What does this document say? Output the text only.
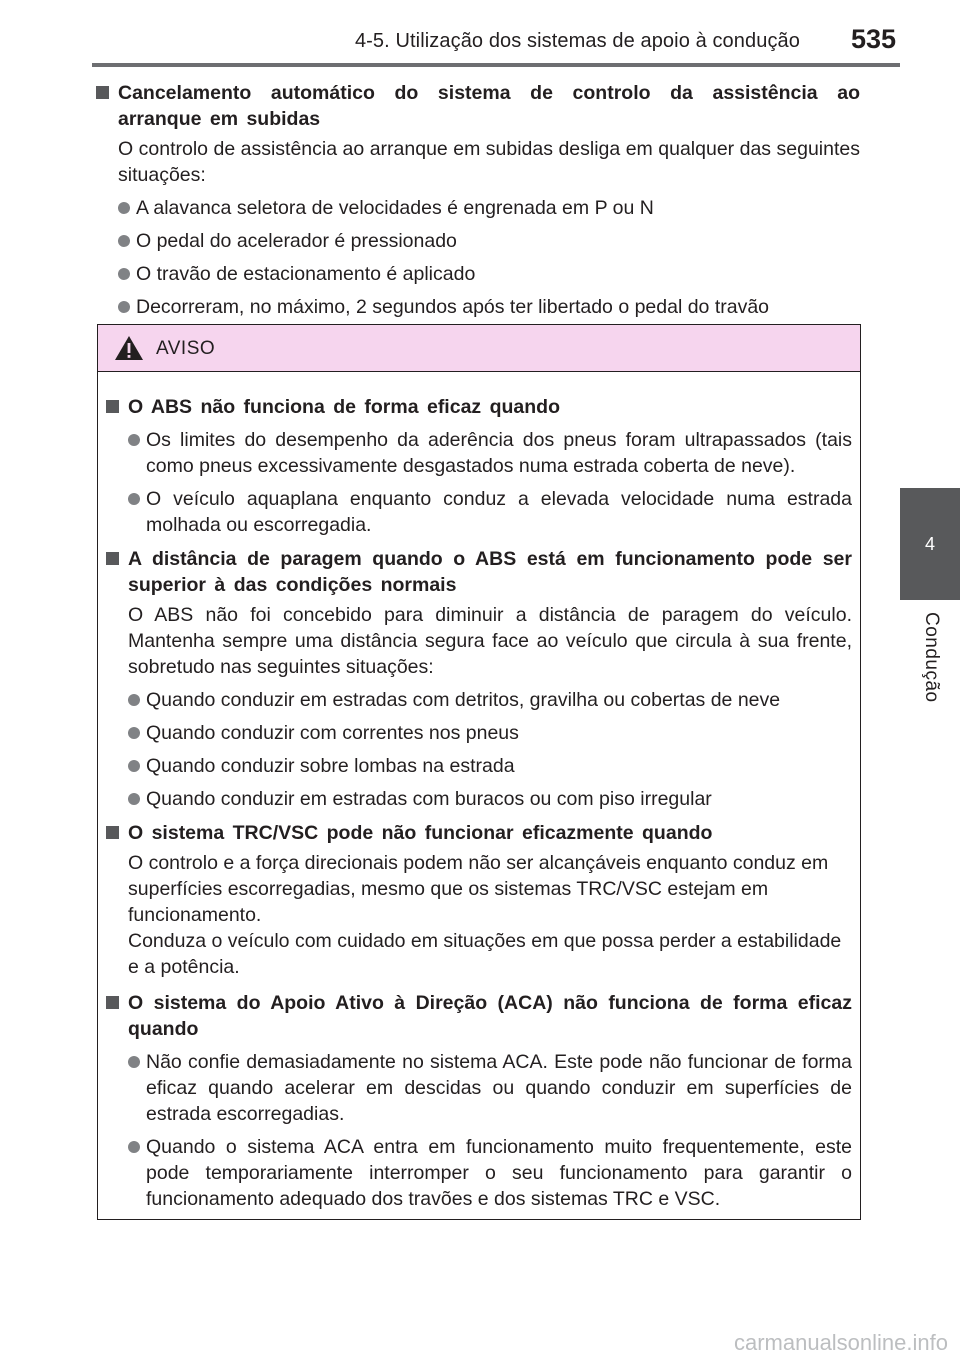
4-5. Utilização dos sistemas de apoio à condução 535
4
Condução
Cancelamento automático do sistema de controlo da assistência ao arranque em subidas
O controlo de assistência ao arranque em subidas desliga em qualquer das seguintes situações:
A alavanca seletora de velocidades é engrenada em P ou N
O pedal do acelerador é pressionado
O travão de estacionamento é aplicado
Decorreram, no máximo, 2 segundos após ter libertado o pedal do travão
AVISO
O ABS não funciona de forma eficaz quando
Os limites do desempenho da aderência dos pneus foram ultrapassados (tais como pneus excessivamente desgastados numa estrada coberta de neve).
O veículo aquaplana enquanto conduz a elevada velocidade numa estrada molhada ou escorregadia.
A distância de paragem quando o ABS está em funcionamento pode ser superior à das condições normais
O ABS não foi concebido para diminuir a distância de paragem do veículo. Mantenha sempre uma distância segura face ao veículo que circula à sua frente, sobretudo nas seguintes situações:
Quando conduzir em estradas com detritos, gravilha ou cobertas de neve
Quando conduzir com correntes nos pneus
Quando conduzir sobre lombas na estrada
Quando conduzir em estradas com buracos ou com piso irregular
O sistema TRC/VSC pode não funcionar eficazmente quando
O controlo e a força direcionais podem não ser alcançáveis enquanto conduz em superfícies escorregadias, mesmo que os sistemas TRC/VSC estejam em funcionamento.
Conduza o veículo com cuidado em situações em que possa perder a estabilidade e a potência.
O sistema do Apoio Ativo à Direção (ACA) não funciona de forma eficaz quando
Não confie demasiadamente no sistema ACA. Este pode não funcionar de forma eficaz quando acelerar em descidas ou quando conduzir em superfícies de estrada escorregadias.
Quando o sistema ACA entra em funcionamento muito frequentemente, este pode temporariamente interromper o seu funcionamento para garantir o funcionamento adequado dos travões e dos sistemas TRC e VSC.
carmanualsonline.info
